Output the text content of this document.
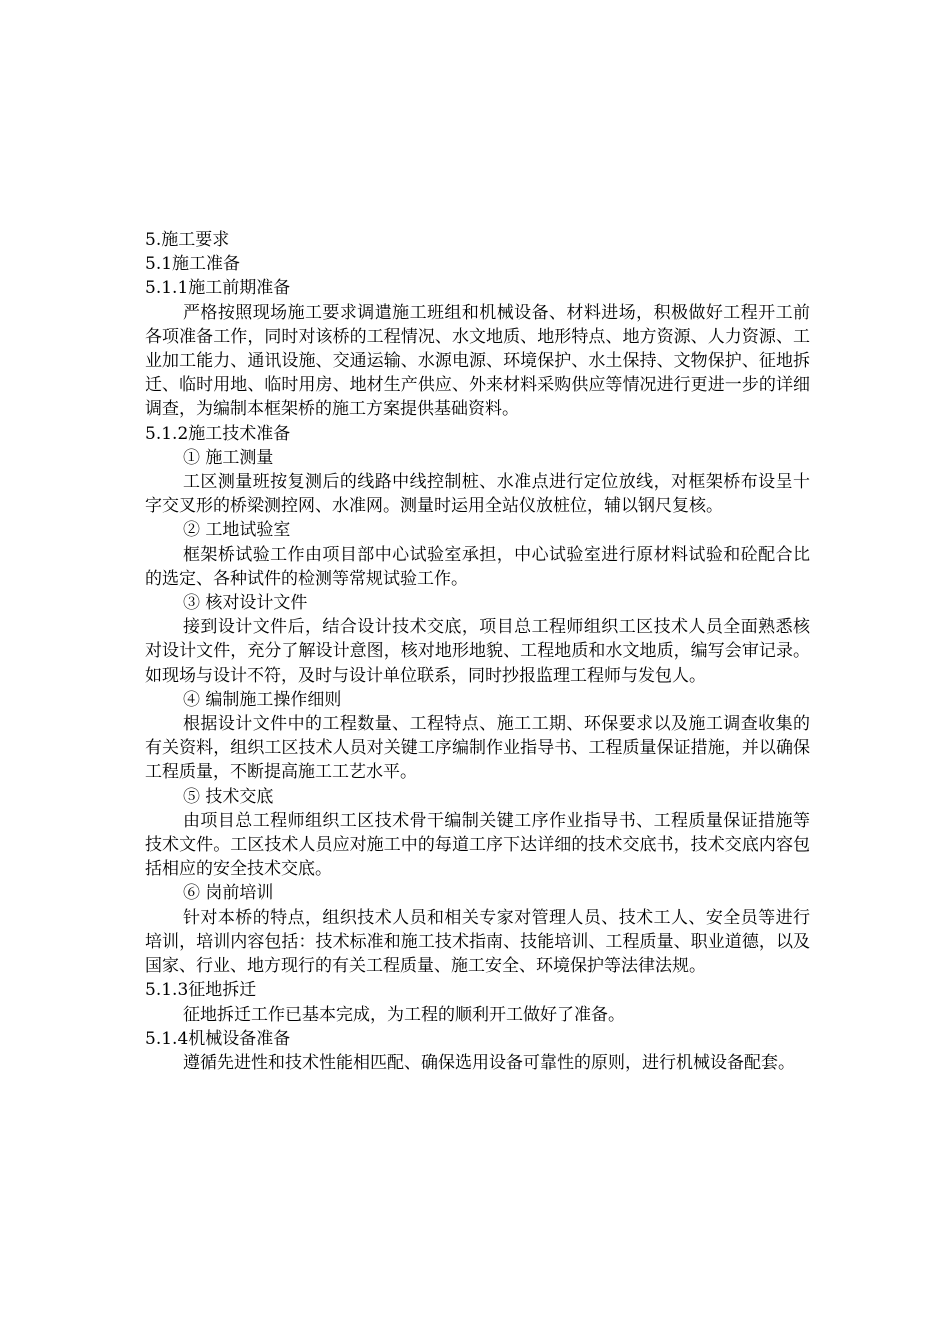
5.施工要求

5.1施工准备

5.1.1施工前期准备

严格按照现场施工要求调遣施工班组和机械设备、材料进场，积极做好工程开工前各项准备工作，同时对该桥的工程情况、水文地质、地形特点、地方资源、人力资源、工业加工能力、通讯设施、交通运输、水源电源、环境保护、水土保持、文物保护、征地拆迁、临时用地、临时用房、地材生产供应、外来材料采购供应等情况进行更进一步的详细调查，为编制本框架桥的施工方案提供基础资料。

5.1.2施工技术准备

① 施工测量

工区测量班按复测后的线路中线控制桩、水准点进行定位放线，对框架桥布设呈十字交叉形的桥梁测控网、水准网。测量时运用全站仪放桩位，辅以钢尺复核。

② 工地试验室

框架桥试验工作由项目部中心试验室承担，中心试验室进行原材料试验和砼配合比的选定、各种试件的检测等常规试验工作。

③ 核对设计文件

接到设计文件后，结合设计技术交底，项目总工程师组织工区技术人员全面熟悉核对设计文件，充分了解设计意图，核对地形地貌、工程地质和水文地质，编写会审记录。如现场与设计不符，及时与设计单位联系，同时抄报监理工程师与发包人。

④ 编制施工操作细则

根据设计文件中的工程数量、工程特点、施工工期、环保要求以及施工调查收集的有关资料，组织工区技术人员对关键工序编制作业指导书、工程质量保证措施，并以确保工程质量，不断提高施工工艺水平。

⑤ 技术交底

由项目总工程师组织工区技术骨干编制关键工序作业指导书、工程质量保证措施等技术文件。工区技术人员应对施工中的每道工序下达详细的技术交底书，技术交底内容包括相应的安全技术交底。

⑥ 岗前培训

针对本桥的特点，组织技术人员和相关专家对管理人员、技术工人、安全员等进行培训，培训内容包括：技术标准和施工技术指南、技能培训、工程质量、职业道德，以及国家、行业、地方现行的有关工程质量、施工安全、环境保护等法律法规。

5.1.3征地拆迁

征地拆迁工作已基本完成，为工程的顺利开工做好了准备。

5.1.4机械设备准备

遵循先进性和技术性能相匹配、确保选用设备可靠性的原则，进行机械设备配套。
